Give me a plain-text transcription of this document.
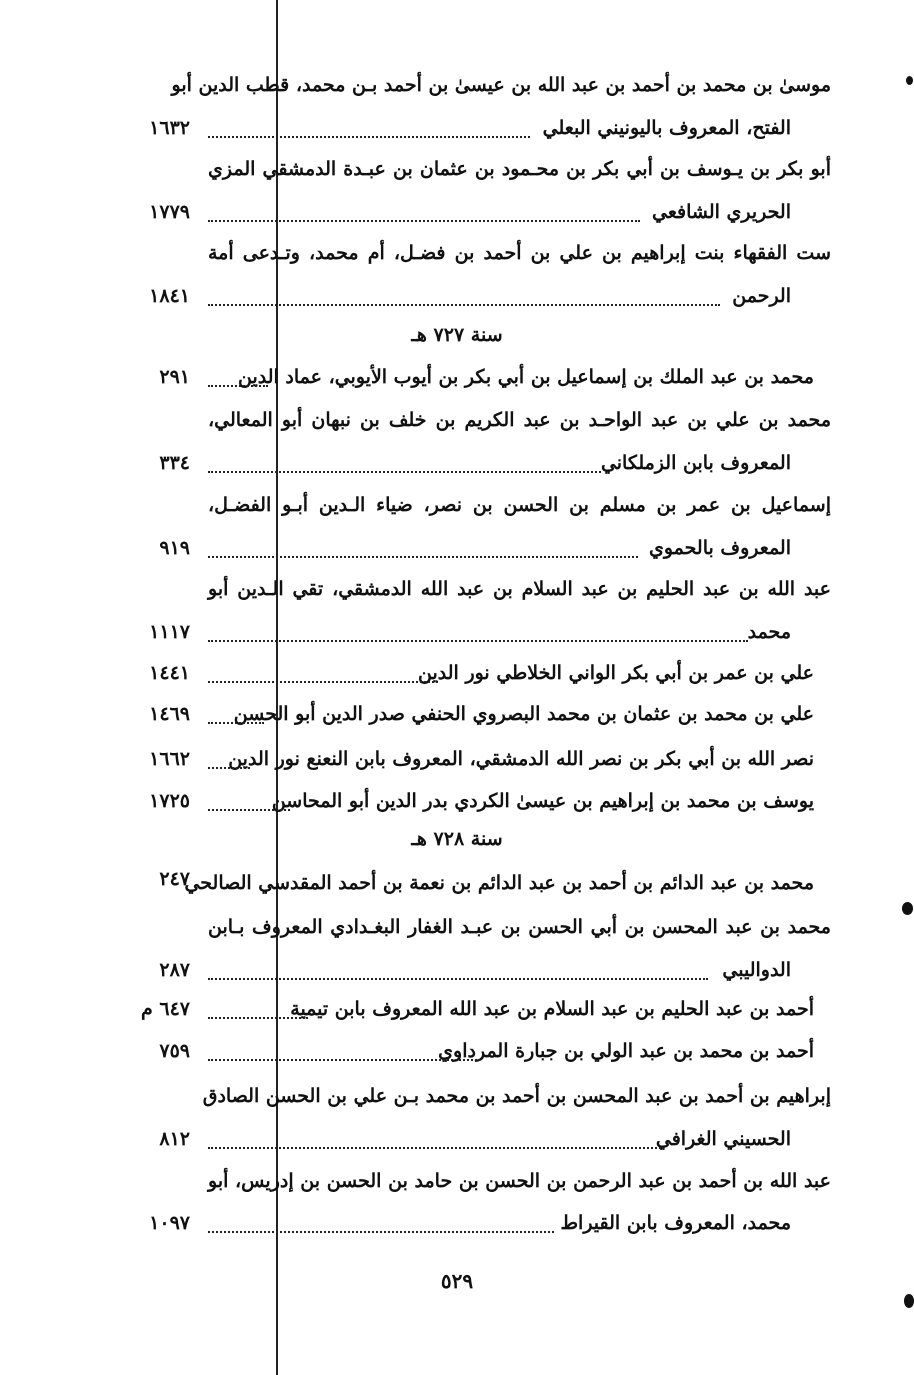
موسىٰ بن محمد بن أحمد بن عبد الله بن عيسىٰ بن أحمد بـن محمد، قطب الدين أبو
الفتح، المعروف باليونيني البعلي
١٦٣٢
أبو بكر بن يـوسف بن أبي بكر بن محـمود بن عثمان بن عبـدة الدمشقي المزي
الحريري الشافعي
١٧٧٩
ست الفقهاء بنت إبراهيم بن علي بن أحمد بن فضـل، أم محمد، وتـدعى أمة
الرحمن
١٨٤١
سنة ٧٢٧ هـ
محمد بن عبد الملك بن إسماعيل بن أبي بكر بن أيوب الأيوبي، عماد الدين
٢٩١
محمد بن علي بن عبد الواحـد بن عبد الكريم بن خلف بن نبهان أبو المعالي،
المعروف بابن الزملكاني
٣٣٤
إسماعيل بن عمر بن مسلم بن الحسن بن نصر، ضياء الـدين أبـو الفضـل،
المعروف بالحموي
٩١٩
عبد الله بن عبد الحليم بن عبد السلام بن عبد الله الدمشقي، تقي الـدين أبو
محمد
١١١٧
علي بن عمر بن أبي بكر الواني الخلاطي نور الدين
١٤٤١
علي بن محمد بن عثمان بن محمد البصروي الحنفي صدر الدين أبو الحسن
١٤٦٩
نصر الله بن أبي بكر بن نصر الله الدمشقي، المعروف بابن النعنع نور الدين
١٦٦٢
يوسف بن محمد بن إبراهيم بن عيسىٰ الكردي بدر الدين أبو المحاسن
١٧٢٥
سنة ٧٢٨ هـ
محمد بن عبد الدائم بن أحمد بن عبد الدائم بن نعمة بن أحمد المقدسي الصالحي
٢٤٧
محمد بن عبد المحسن بن أبي الحسن بن عبـد الغفار البغـدادي المعروف بـابن
الدواليبي
٢٨٧
أحمد بن عبد الحليم بن عبد السلام بن عبد الله المعروف بابن تيمية
٦٤٧ م
أحمد بن محمد بن عبد الولي بن جبارة المرداوي
٧٥٩
إبراهيم بن أحمد بن عبد المحسن بن أحمد بن محمد بـن علي بن الحسن الصادق
الحسيني الغرافي
٨١٢
عبد الله بن أحمد بن عبد الرحمن بن الحسن بن حامد بن الحسن بن إدريس، أبو
محمد، المعروف بابن القيراط
١٠٩٧
٥٢٩
